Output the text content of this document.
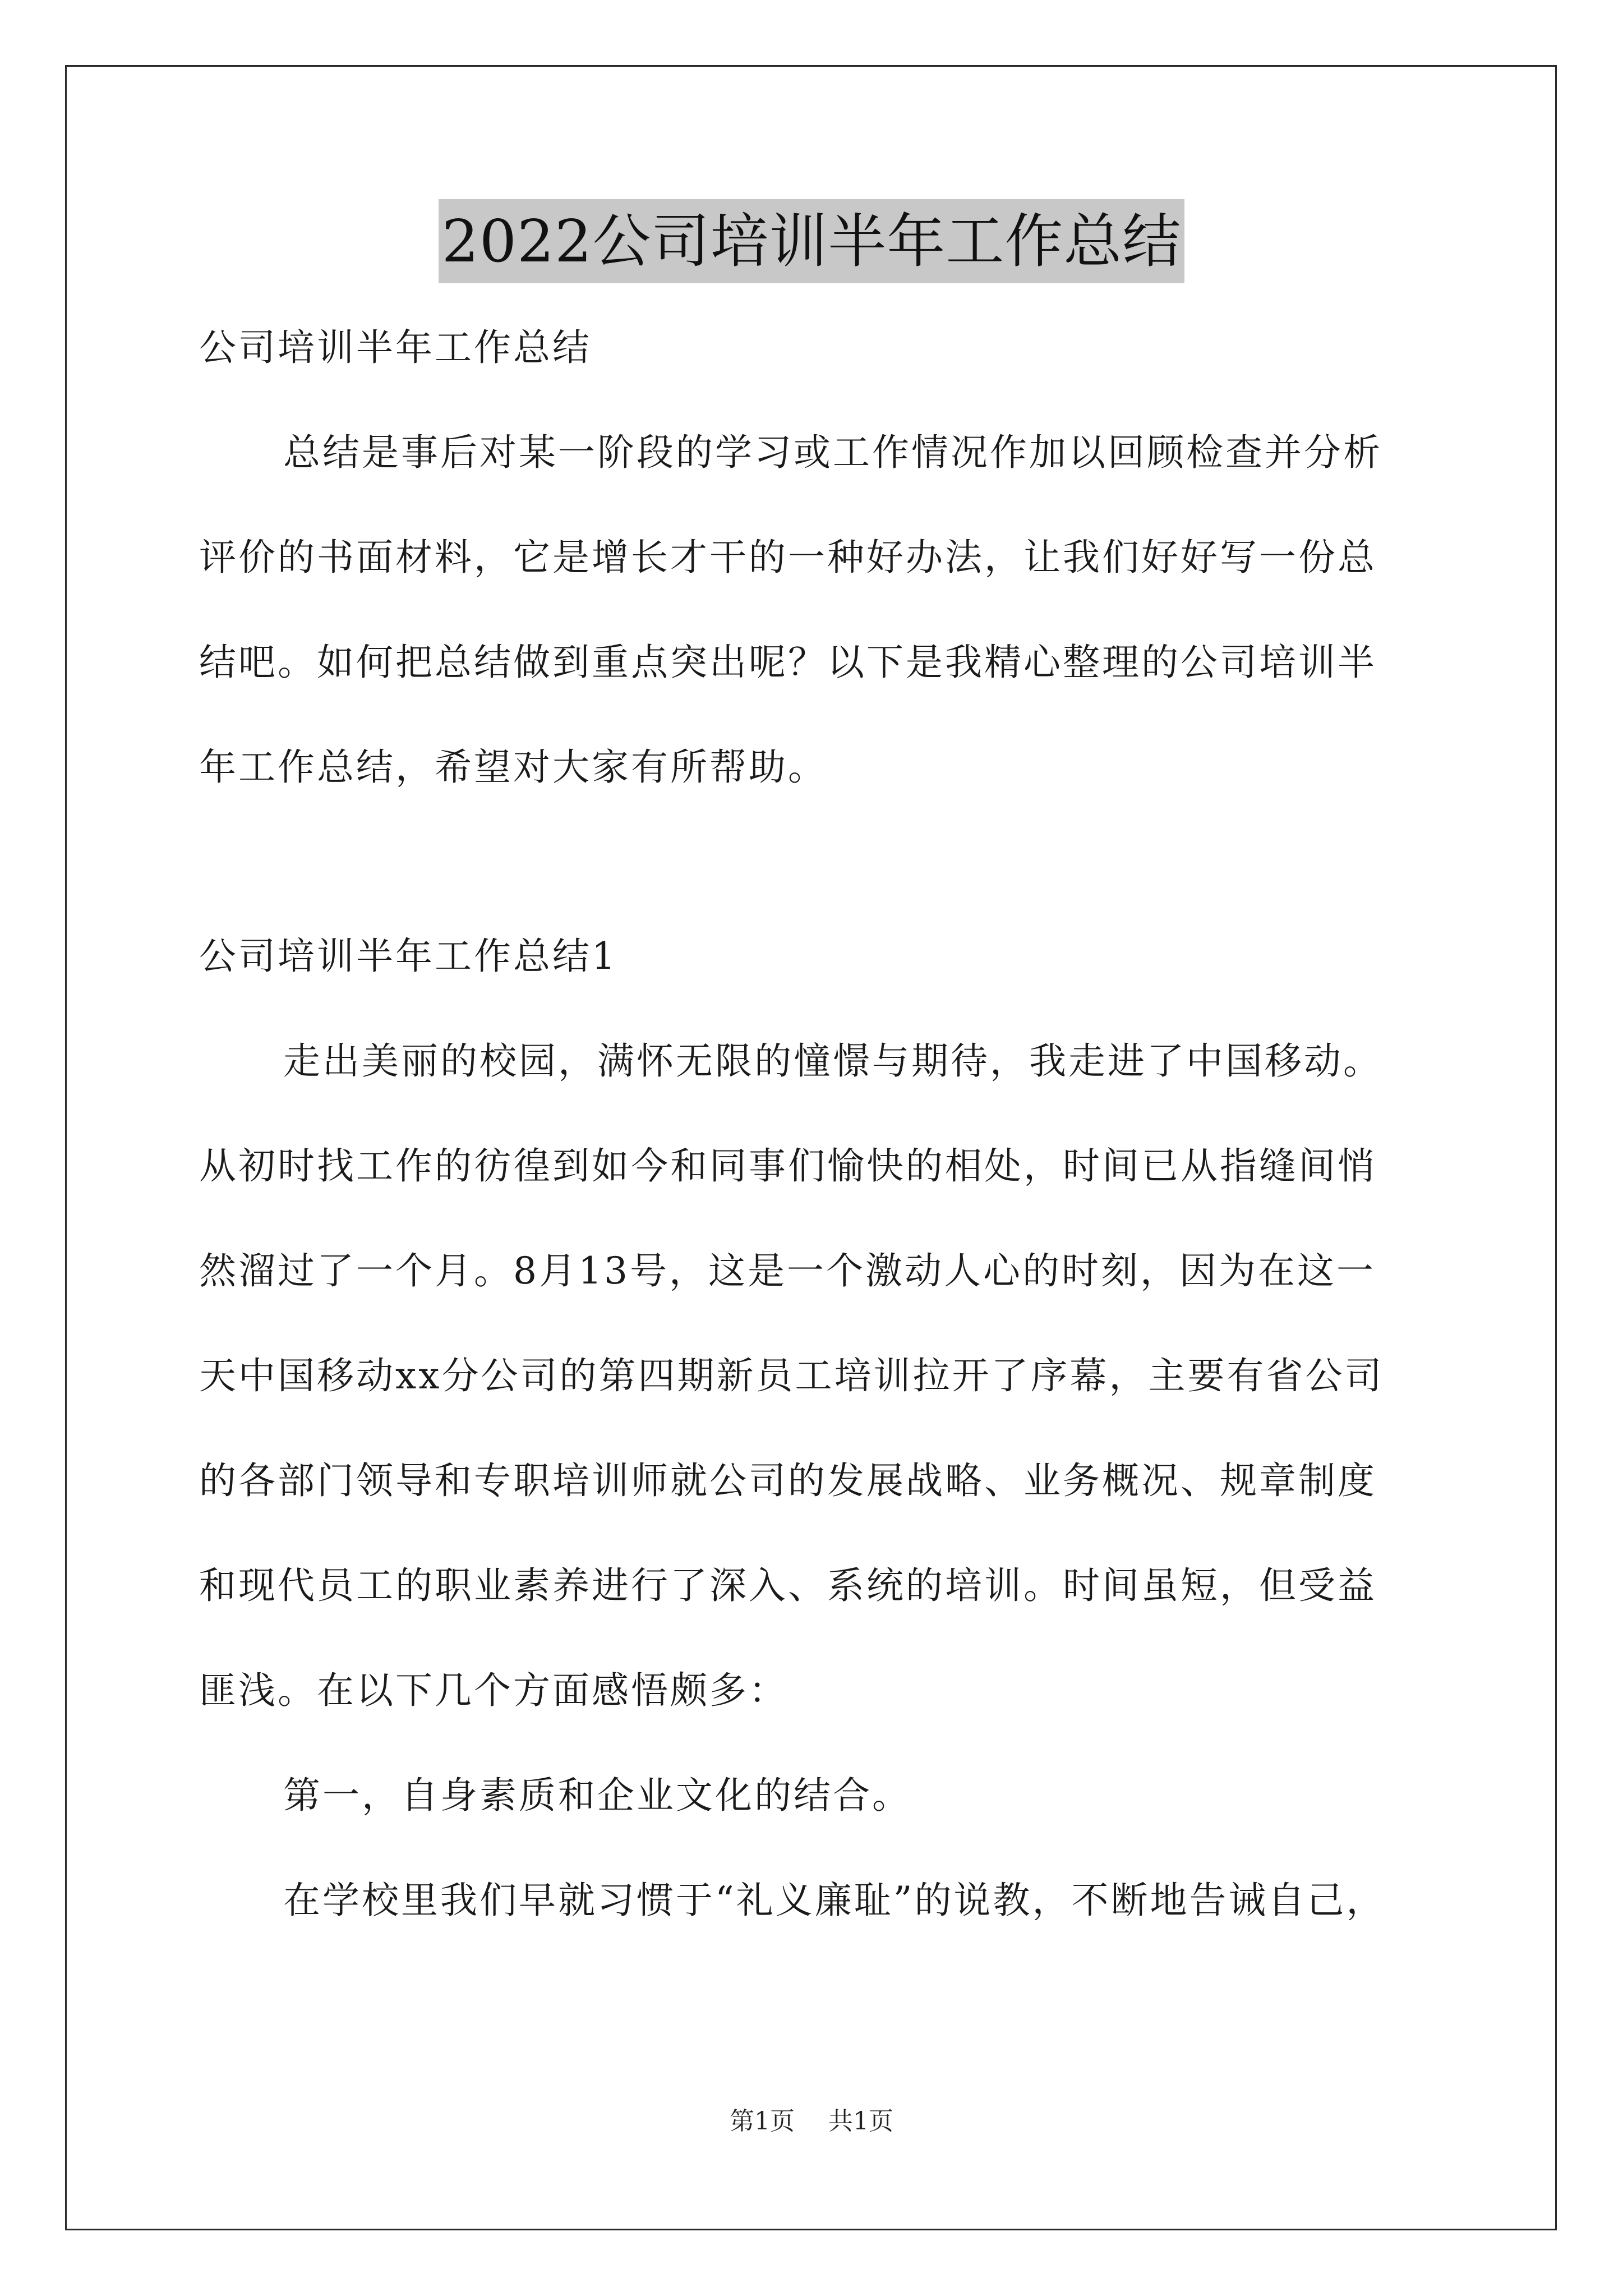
2022公司培训半年工作总结
公司培训半年工作总结
总结是事后对某一阶段的学习或工作情况作加以回顾检查并分析
评价的书面材料，它是增长才干的一种好办法，让我们好好写一份总
结吧。如何把总结做到重点突出呢？以下是我精心整理的公司培训半
年工作总结，希望对大家有所帮助。
公司培训半年工作总结1
走出美丽的校园，满怀无限的憧憬与期待，我走进了中国移动。
从初时找工作的彷徨到如今和同事们愉快的相处，时间已从指缝间悄
然溜过了一个月。8月13号，这是一个激动人心的时刻，因为在这一
天中国移动xx分公司的第四期新员工培训拉开了序幕，主要有省公司
的各部门领导和专职培训师就公司的发展战略、业务概况、规章制度
和现代员工的职业素养进行了深入、系统的培训。时间虽短，但受益
匪浅。在以下几个方面感悟颇多：
第一，自身素质和企业文化的结合。
在学校里我们早就习惯于“礼义廉耻”的说教，不断地告诫自己，
第1页 共1页
